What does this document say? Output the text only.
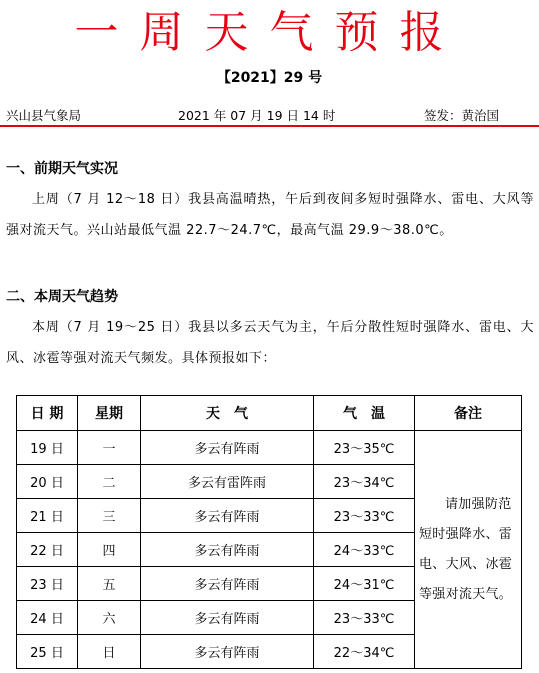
一周天气预报
【2021】29 号
兴山县气象局	2021 年 07 月 19 日 14 时	签发：黄治国
一、前期天气实况
上周（7 月 12～18 日）我县高温晴热，午后到夜间多短时强降水、雷电、大风等强对流天气。兴山站最低气温 22.7～24.7℃，最高气温 29.9～38.0℃。
二、本周天气趋势
本周（7 月 19～25 日）我县以多云天气为主，午后分散性短时强降水、雷电、大风、冰雹等强对流天气频发。具体预报如下：
日 期	星期	天　气	气　温	备注
19 日	一	多云有阵雨	23～35℃	请加强防范短时强降水、雷电、大风、冰雹等强对流天气。
20 日	二	多云有雷阵雨	23～34℃	
21 日	三	多云有阵雨	23～33℃	
22 日	四	多云有阵雨	24～33℃	
23 日	五	多云有阵雨	24～31℃	
24 日	六	多云有阵雨	23～33℃	
25 日	日	多云有阵雨	22～34℃	
